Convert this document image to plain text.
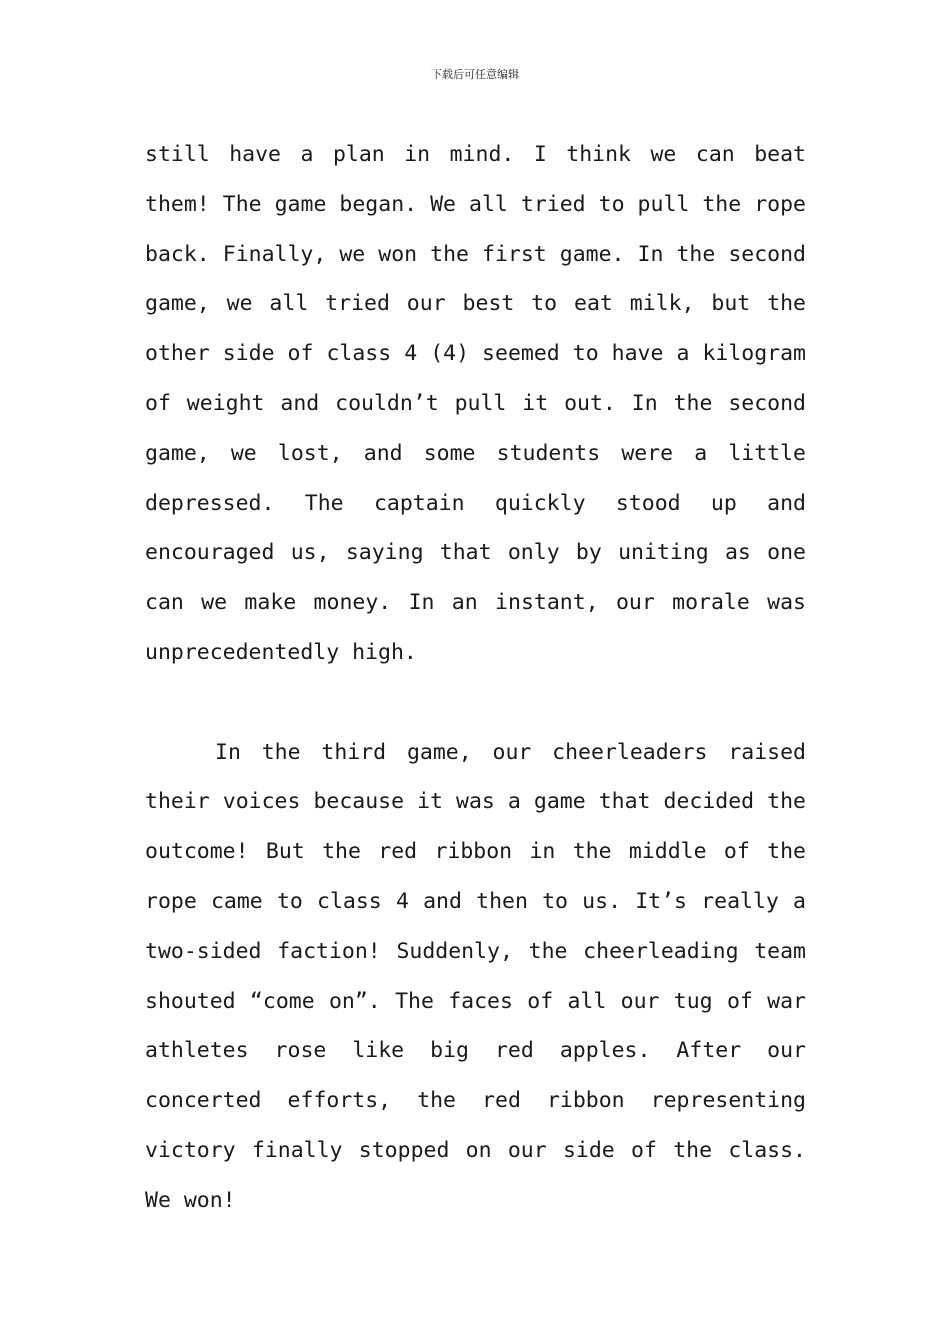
下载后可任意编辑

still have a plan in mind. I think we can beat them! The game began. We all tried to pull the rope back. Finally, we won the first game. In the second game, we all tried our best to eat milk, but the other side of class 4 (4) seemed to have a kilogram of weight and couldn’t pull it out. In the second game, we lost, and some students were a little depressed. The captain quickly stood up and encouraged us, saying that only by uniting as one can we make money. In an instant, our morale was unprecedentedly high.

In the third game, our cheerleaders raised their voices because it was a game that decided the outcome! But the red ribbon in the middle of the rope came to class 4 and then to us. It’s really a two-sided faction! Suddenly, the cheerleading team shouted “come on”. The faces of all our tug of war athletes rose like big red apples. After our concerted efforts, the red ribbon representing victory finally stopped on our side of the class. We won!
